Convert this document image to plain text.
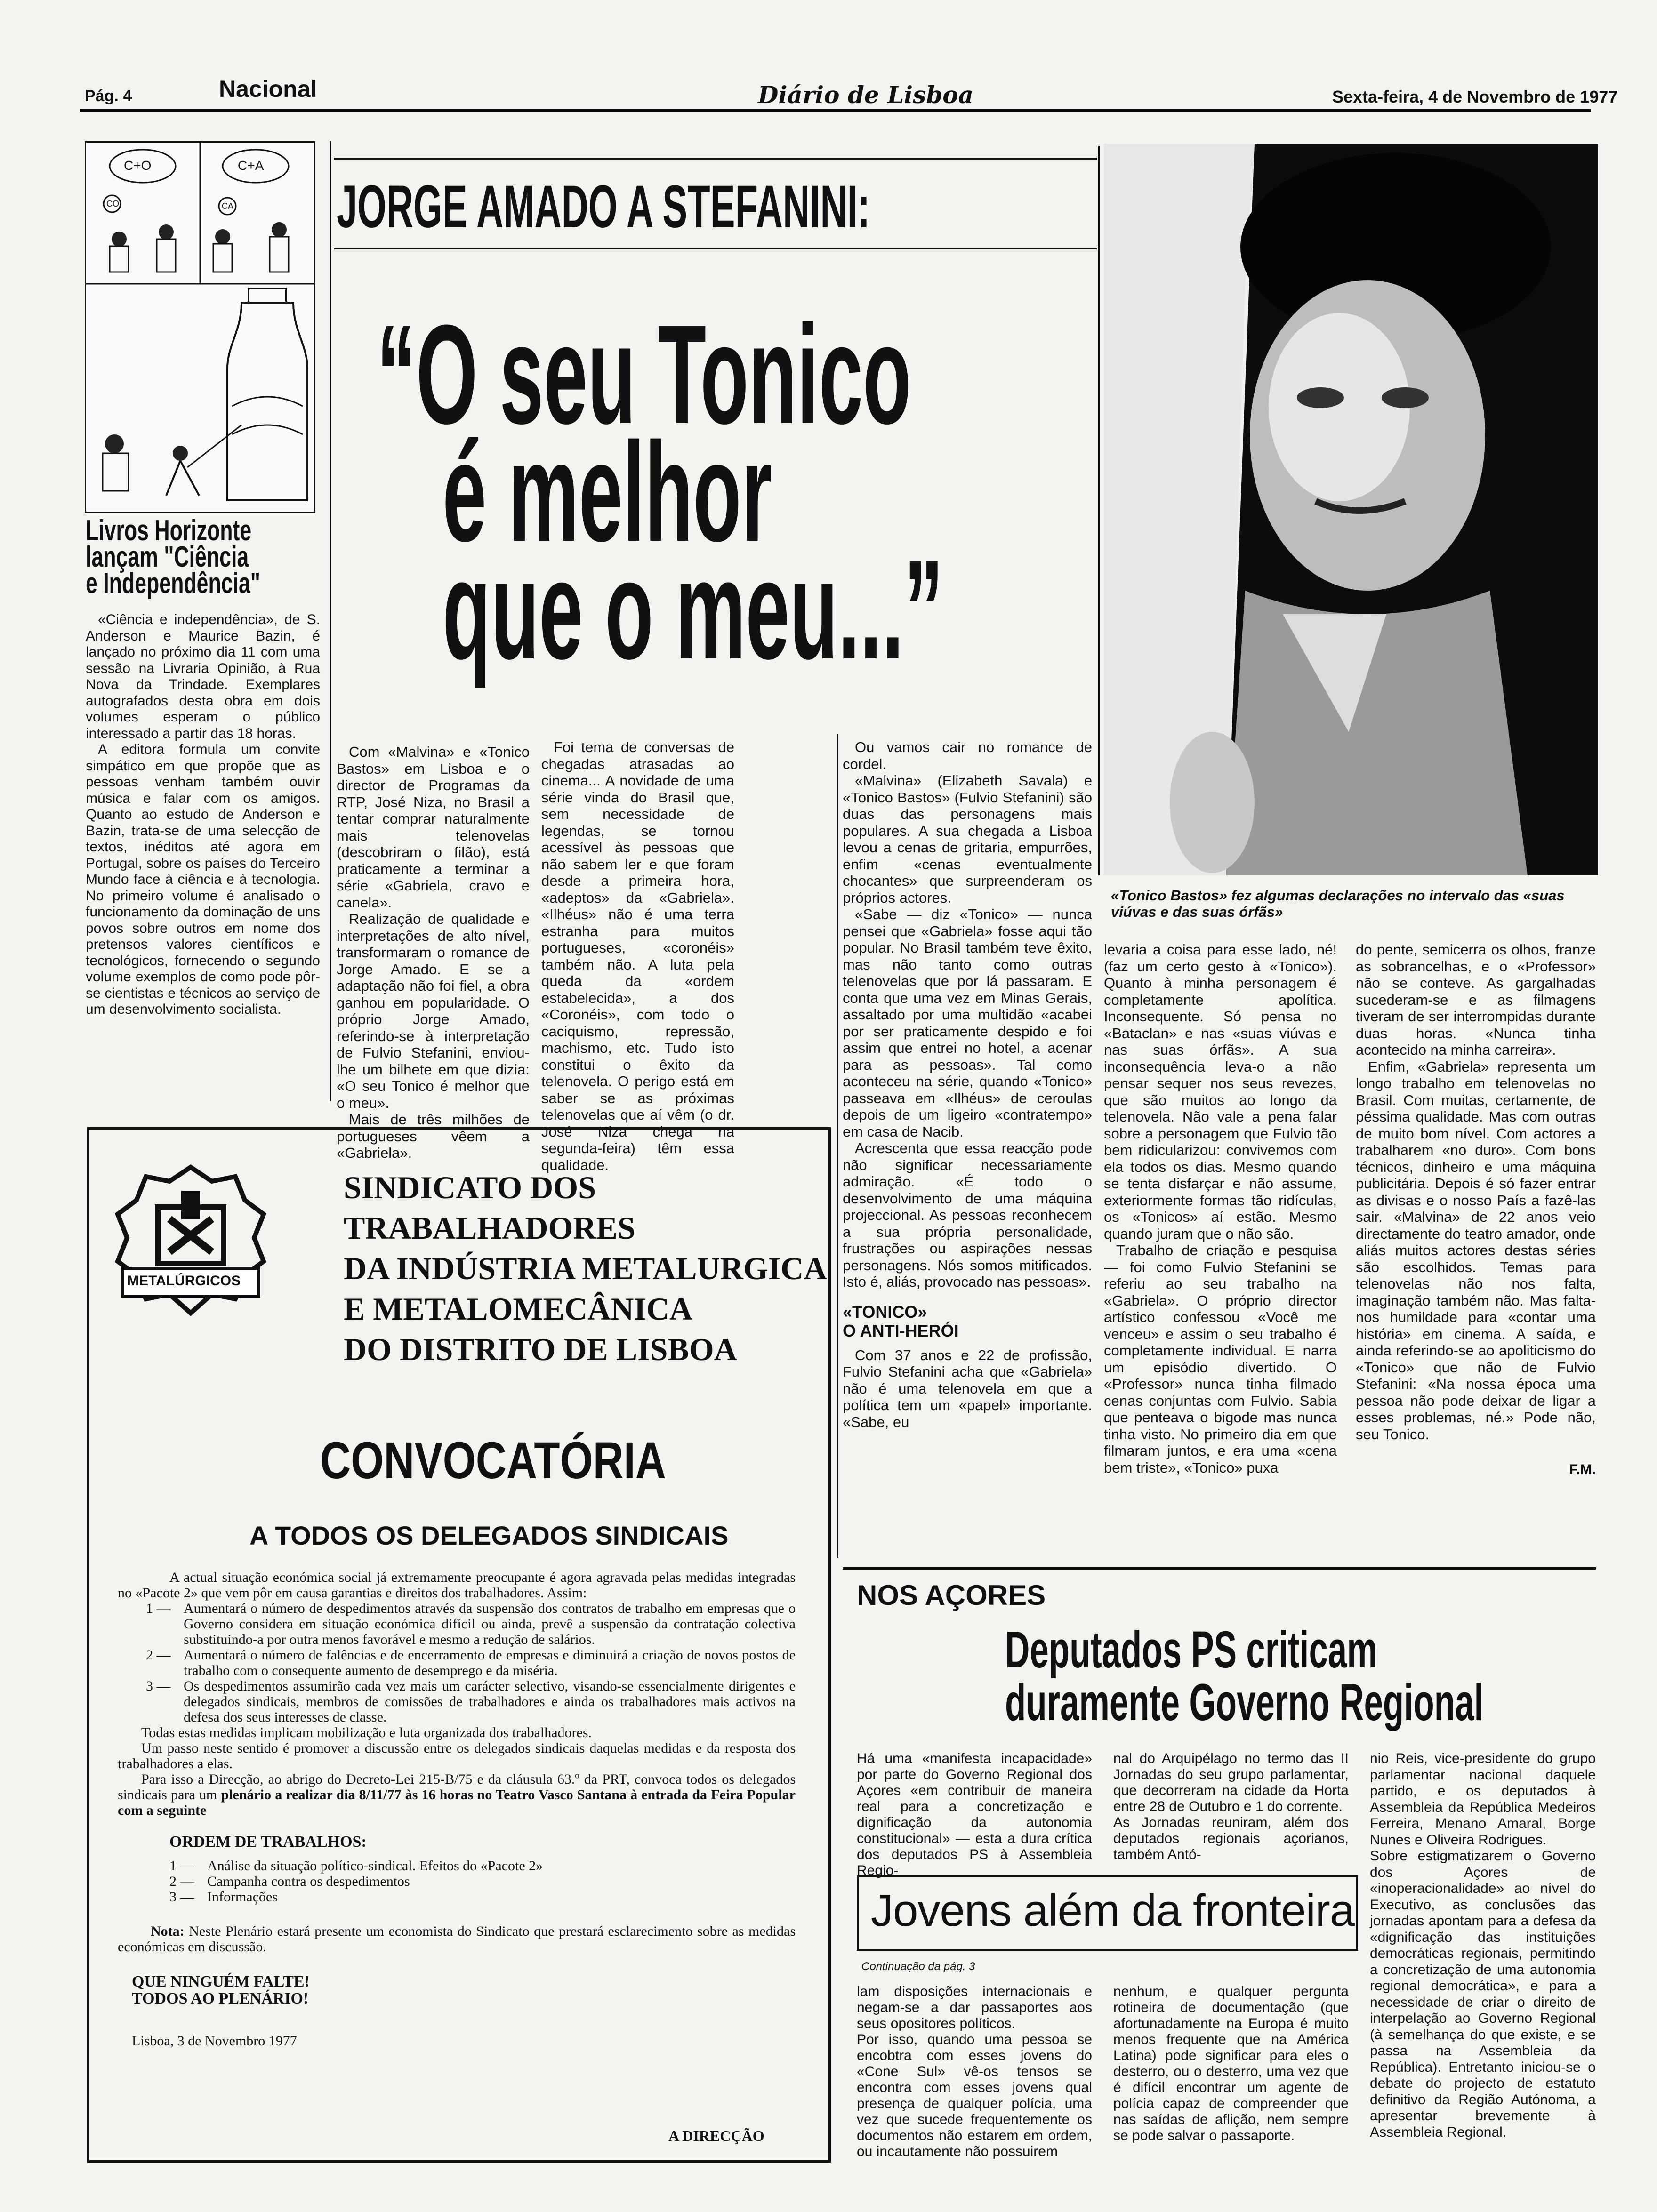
Pág. 4	Nacional	Diário de Lisboa	Sexta-feira, 4 de Novembro de 1977
C+O	C+A
CO	CA
Livros Horizonte
lançam "Ciência
e Independência"

«Ciência e independência», de S. Anderson e Maurice Bazin, é lançado no próximo dia 11 com uma sessão na Livraria Opinião, à Rua Nova da Trindade. Exemplares autografados desta obra em dois volumes esperam o público interessado a partir das 18 horas.

A editora formula um convite simpático em que propõe que as pessoas venham também ouvir música e falar com os amigos. Quanto ao estudo de Anderson e Bazin, trata-se de uma selecção de textos, inéditos até agora em Portugal, sobre os países do Terceiro Mundo face à ciência e à tecnologia. No primeiro volume é analisado o funcionamento da dominação de uns povos sobre outros em nome dos pretensos valores científicos e tecnológicos, fornecendo o segundo volume exemplos de como pode pôr-se cientistas e técnicos ao serviço de um desenvolvimento socialista.

JORGE AMADO A STEFANINI:
“O seu Tonico
é melhor
que o meu...”
«Tonico Bastos» fez algumas declarações no intervalo das «suas viúvas e das suas órfãs»

Com «Malvina» e «Tonico Bastos» em Lisboa e o director de Programas da RTP, José Niza, no Brasil a tentar comprar naturalmente mais telenovelas (descobriram o filão), está praticamente a terminar a série «Gabriela, cravo e canela».

Realização de qualidade e interpretações de alto nível, transformaram o romance de Jorge Amado. E se a adaptação não foi fiel, a obra ganhou em popularidade. O próprio Jorge Amado, referindo-se à interpretação de Fulvio Stefanini, enviou-lhe um bilhete em que dizia: «O seu Tonico é melhor que o meu».

Mais de três milhões de portugueses vêem a «Gabriela».

Foi tema de conversas de chegadas atrasadas ao cinema... A novidade de uma série vinda do Brasil que, sem necessidade de legendas, se tornou acessível às pessoas que não sabem ler e que foram desde a primeira hora, «adeptos» da «Gabriela». «Ilhéus» não é uma terra estranha para muitos portugueses, «coronéis» também não. A luta pela queda da «ordem estabelecida», a dos «Coronéis», com todo o caciquismo, repressão, machismo, etc. Tudo isto constitui o êxito da telenovela. O perigo está em saber se as próximas telenovelas que aí vêm (o dr. José Niza chega na segunda-feira) têm essa qualidade.

Ou vamos cair no romance de cordel.

«Malvina» (Elizabeth Savala) e «Tonico Bastos» (Fulvio Stefanini) são duas das personagens mais populares. A sua chegada a Lisboa levou a cenas de gritaria, empurrões, enfim «cenas eventualmente chocantes» que surpreenderam os próprios actores.

«Sabe — diz «Tonico» — nunca pensei que «Gabriela» fosse aqui tão popular. No Brasil também teve êxito, mas não tanto como outras telenovelas que por lá passaram. E conta que uma vez em Minas Gerais, assaltado por uma multidão «acabei por ser praticamente despido e foi assim que entrei no hotel, a acenar para as pessoas». Tal como aconteceu na série, quando «Tonico» passeava em «Ilhéus» de ceroulas depois de um ligeiro «contratempo» em casa de Nacib.

Acrescenta que essa reacção pode não significar necessariamente admiração. «É todo o desenvolvimento de uma máquina projeccional. As pessoas reconhecem a sua própria personalidade, frustrações ou aspirações nessas personagens. Nós somos mitificados. Isto é, aliás, provocado nas pessoas».

«TONICO»
O ANTI-HERÓI

Com 37 anos e 22 de profissão, Fulvio Stefanini acha que «Gabriela» não é uma telenovela em que a política tem um «papel» importante. «Sabe, eu

levaria a coisa para esse lado, né! (faz um certo gesto à «Tonico»). Quanto à minha personagem é completamente apolítica. Inconsequente. Só pensa no «Bataclan» e nas «suas viúvas e nas suas órfãs». A sua inconsequência leva-o a não pensar sequer nos seus revezes, que são muitos ao longo da telenovela. Não vale a pena falar sobre a personagem que Fulvio tão bem ridicularizou: convivemos com ela todos os dias. Mesmo quando se tenta disfarçar e não assume, exteriormente formas tão ridículas, os «Tonicos» aí estão. Mesmo quando juram que o não são.

Trabalho de criação e pesquisa — foi como Fulvio Stefanini se referiu ao seu trabalho na «Gabriela». O próprio director artístico confessou «Você me venceu» e assim o seu trabalho é completamente individual. E narra um episódio divertido. O «Professor» nunca tinha filmado cenas conjuntas com Fulvio. Sabia que penteava o bigode mas nunca tinha visto. No primeiro dia em que filmaram juntos, e era uma «cena bem triste», «Tonico» puxa

do pente, semicerra os olhos, franze as sobrancelhas, e o «Professor» não se conteve. As gargalhadas sucederam-se e as filmagens tiveram de ser interrompidas durante duas horas. «Nunca tinha acontecido na minha carreira».

Enfim, «Gabriela» representa um longo trabalho em telenovelas no Brasil. Com muitas, certamente, de péssima qualidade. Mas com outras de muito bom nível. Com actores a trabalharem «no duro». Com bons técnicos, dinheiro e uma máquina publicitária. Depois é só fazer entrar as divisas e o nosso País a fazê-las sair. «Malvina» de 22 anos veio directamente do teatro amador, onde aliás muitos actores destas séries são escolhidos. Temas para telenovelas não nos falta, imaginação também não. Mas falta-nos humildade para «contar uma história» em cinema. A saída, e ainda referindo-se ao apoliticismo do «Tonico» que não de Fulvio Stefanini: «Na nossa época uma pessoa não pode deixar de ligar a esses problemas, né.» Pode não, seu Tonico.

F.M.
METALÚRGICOS
SINDICATO DOS TRABALHADORES
DA INDÚSTRIA METALURGICA
E METALOMECÂNICA
DO DISTRITO DE LISBOA
CONVOCATÓRIA
A TODOS OS DELEGADOS SINDICAIS
A actual situação económica social já extremamente preocupante é agora agravada pelas medidas integradas no «Pacote 2» que vem pôr em causa garantias e direitos dos trabalhadores. Assim:
1 — Aumentará o número de despedimentos através da suspensão dos contratos de trabalho em empresas que o Governo considera em situação económica difícil ou ainda, prevê a suspensão da contratação colectiva substituindo-a por outra menos favorável e mesmo a redução de salários.
2 — Aumentará o número de falências e de encerramento de empresas e diminuirá a criação de novos postos de trabalho com o consequente aumento de desemprego e da miséria.
3 — Os despedimentos assumirão cada vez mais um carácter selectivo, visando-se essencialmente dirigentes e delegados sindicais, membros de comissões de trabalhadores e ainda os trabalhadores mais activos na defesa dos seus interesses de classe.
Todas estas medidas implicam mobilização e luta organizada dos trabalhadores.
Um passo neste sentido é promover a discussão entre os delegados sindicais daquelas medidas e da resposta dos trabalhadores a elas.
Para isso a Direcção, ao abrigo do Decreto-Lei 215-B/75 e da cláusula 63.º da PRT, convoca todos os delegados sindicais para um plenário a realizar dia 8/11/77 às 16 horas no Teatro Vasco Santana à entrada da Feira Popular com a seguinte
ORDEM DE TRABALHOS:
1 — Análise da situação político-sindical. Efeitos do «Pacote 2»
2 — Campanha contra os despedimentos
3 — Informações
Nota: Neste Plenário estará presente um economista do Sindicato que prestará esclarecimento sobre as medidas económicas em discussão.
QUE NINGUÉM FALTE!
TODOS AO PLENÁRIO!
Lisboa, 3 de Novembro 1977
A DIRECÇÃO
NOS AÇORES
Deputados PS criticam
duramente Governo Regional
Há uma «manifesta incapacidade» por parte do Governo Regional dos Açores «em contribuir de maneira real para a concretização e dignificação da autonomia constitucional» — esta a dura crítica dos deputados PS à Assembleia Regio-
nal do Arquipélago no termo das II Jornadas do seu grupo parlamentar, que decorreram na cidade da Horta entre 28 de Outubro e 1 do corrente.
As Jornadas reuniram, além dos deputados regionais açorianos, também Antó-
nio Reis, vice-presidente do grupo parlamentar nacional daquele partido, e os deputados à Assembleia da República Medeiros Ferreira, Menano Amaral, Borge Nunes e Oliveira Rodrigues.
Sobre estigmatizarem o Governo dos Açores de «inoperacionalidade» ao nível do Executivo, as conclusões das jornadas apontam para a defesa da «dignificação das instituições democráticas regionais, permitindo a concretização de uma autonomia regional democrática», e para a necessidade de criar o direito de interpelação ao Governo Regional (à semelhança do que existe, e se passa na Assembleia da República). Entretanto iniciou-se o debate do projecto de estatuto definitivo da Região Autónoma, a apresentar brevemente à Assembleia Regional.
Jovens além da fronteira
Continuação da pág. 3
lam disposições internacionais e negam-se a dar passaportes aos seus opositores políticos.
Por isso, quando uma pessoa se encobtra com esses jovens do «Cone Sul» vê-os tensos se encontra com esses jovens qual presença de qualquer polícia, uma vez que sucede frequentemente os documentos não estarem em ordem, ou incautamente não possuirem
nenhum, e qualquer pergunta rotineira de documentação (que afortunadamente na Europa é muito menos frequente que na América Latina) pode significar para eles o desterro, ou o desterro, uma vez que é difícil encontrar um agente de polícia capaz de compreender que nas saídas de aflição, nem sempre se pode salvar o passaporte.
